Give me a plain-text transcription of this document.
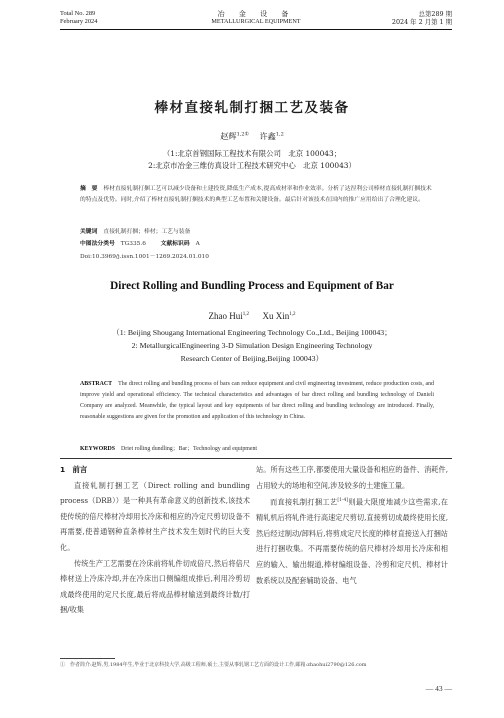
Total No. 289
February 2024
冶 金 设 备
METALLURGICAL EQUIPMENT
总第289 期
2024 年 2 月第 1 期
棒材直接轧制打捆工艺及装备
赵辉$^{1,2①}$ 许鑫$^{1,2}$
（1:北京首钢国际工程技术有限公司　北京 100043；
2:北京市冶金三维仿真设计工程技术研究中心　北京 100043）
摘　要 棒材直接轧制打捆工艺可以减少设备和土建投资,降低生产成本,提高成材率和作业效率。分析了达涅利公司棒材直接轧制打捆技术的特点及优势。同时,介绍了棒材直接轧制打捆技术的典型工艺布置和关键设备。最后针对该技术在国内的推广应用给出了合理化建议。
关键词 直接轧制打捆；棒材；工艺与装备
中图法分类号 TG335.6	文献标识码 A
Doi:10.3969/j.issn.1001－1269.2024.01.010
Direct Rolling and Bundling Process and Equipment of Bar
Zhao Hui$^{1,2}$ Xu Xin$^{1,2}$
（1: Beijing Shougang International Engineering Technology Co.,Ltd., Beijing 100043；
2: MetallurgicalEngineering 3-D Simulation Design Engineering Technology
Research Center of Beijing,Beijing 100043）
ABSTRACT The direct rolling and bundling process of bars can reduce equipment and civil engineering investment, reduce production costs, and improve yield and operational efficiency. The technical characteristics and advantages of bar direct rolling and bundling technology of Danieli Company are analyzed. Meanwhile, the typical layout and key equipments of bar direct rolling and bundling technology are introduced. Finally, reasonable suggestions are given for the promotion and application of this technology in China.
KEYWORDS Driet rolling dundling；Bar；Technology and equipment

1　前言

直接轧制打捆工艺（Direct rolling and bundling process（DRB））是一种具有革命意义的创新技术,该技术使传统的倍尺棒材冷却用长冷床和相应的冷定尺剪切设备不再需要,使普通钢种直条棒材生产技术发生划时代的巨大变化。

传统生产工艺需要在冷床前将轧件切成倍尺,然后将倍尺棒材送上冷床冷却,并在冷床出口侧编组成排后,利用冷剪切成最终使用的定尺长度,最后将成品棒材输送到最终计数/打捆/收集

站。所有这些工序,都要使用大量设备和相应的备件、消耗件,占用较大的场地和空间,涉及较多的土建施工量。

而直接轧制打捆工艺[1-4]则最大限度地减少这些需求,在精轧机后将轧件进行高速定尺剪切,直接剪切成最终使用长度,然后经过制动/卸料后,将剪成定尺长度的棒材直接送入打捆站进行打捆收集。不再需要传统的倍尺棒材冷却用长冷床和相应的输入、输出辊道,棒材编组设备、冷剪和定尺机、棒材计数系统以及配套辅助设备、电气

①　作者简介:赵辉,男,1984年生,毕业于北京科技大学,高级工程师,硕士,主要从事轧钢工艺方面的设计工作,邮箱:zhaohui2790@126.com
— 43 —
